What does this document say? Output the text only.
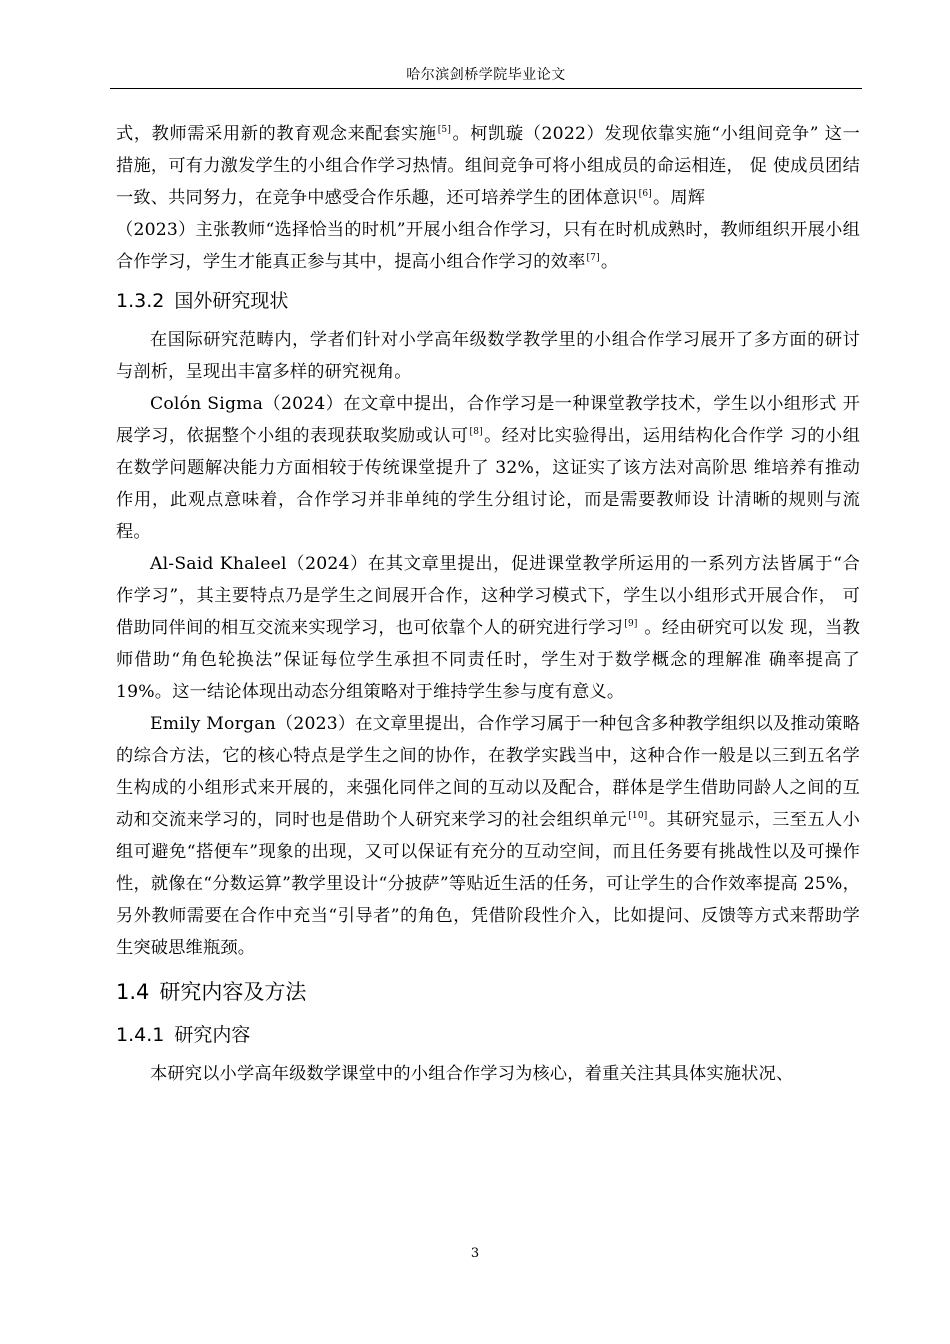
哈尔滨剑桥学院毕业论文

式，教师需采用新的教育观念来配套实施[5]。柯凯璇（2022）发现依靠实施“小组间竞争” 这一措施，可有力激发学生的小组合作学习热情。组间竞争可将小组成员的命运相连， 促 使成员团结一致、共同努力，在竞争中感受合作乐趣，还可培养学生的团体意识[6]。周辉

（2023）主张教师“选择恰当的时机”开展小组合作学习，只有在时机成熟时，教师组织开展小组合作学习，学生才能真正参与其中，提高小组合作学习的效率[7]。

1.3.2 国外研究现状

在国际研究范畴内，学者们针对小学高年级数学教学里的小组合作学习展开了多方面的研讨与剖析，呈现出丰富多样的研究视角。

Colón Sigma（2024）在文章中提出，合作学习是一种课堂教学技术，学生以小组形式 开展学习，依据整个小组的表现获取奖励或认可[8]。经对比实验得出，运用结构化合作学 习的小组在数学问题解决能力方面相较于传统课堂提升了 32%，这证实了该方法对高阶思 维培养有推动作用，此观点意味着，合作学习并非单纯的学生分组讨论，而是需要教师设 计清晰的规则与流程。

Al-Said Khaleel（2024）在其文章里提出，促进课堂教学所运用的一系列方法皆属于“合 作学习”，其主要特点乃是学生之间展开合作，这种学习模式下，学生以小组形式开展合作， 可借助同伴间的相互交流来实现学习，也可依靠个人的研究进行学习[9] 。经由研究可以发 现，当教师借助“角色轮换法”保证每位学生承担不同责任时，学生对于数学概念的理解准 确率提高了 19%。这一结论体现出动态分组策略对于维持学生参与度有意义。

Emily Morgan（2023）在文章里提出，合作学习属于一种包含多种教学组织以及推动策略的综合方法，它的核心特点是学生之间的协作，在教学实践当中，这种合作一般是以三到五名学生构成的小组形式来开展的，来强化同伴之间的互动以及配合，群体是学生借助同龄人之间的互动和交流来学习的，同时也是借助个人研究来学习的社会组织单元[10]。其研究显示，三至五人小组可避免“搭便车”现象的出现，又可以保证有充分的互动空间，而且任务要有挑战性以及可操作性，就像在“分数运算”教学里设计“分披萨”等贴近生活的任务，可让学生的合作效率提高 25%，另外教师需要在合作中充当“引导者”的角色，凭借阶段性介入，比如提问、反馈等方式来帮助学生突破思维瓶颈。

1.4 研究内容及方法
1.4.1 研究内容

本研究以小学高年级数学课堂中的小组合作学习为核心，着重关注其具体实施状况、

3
